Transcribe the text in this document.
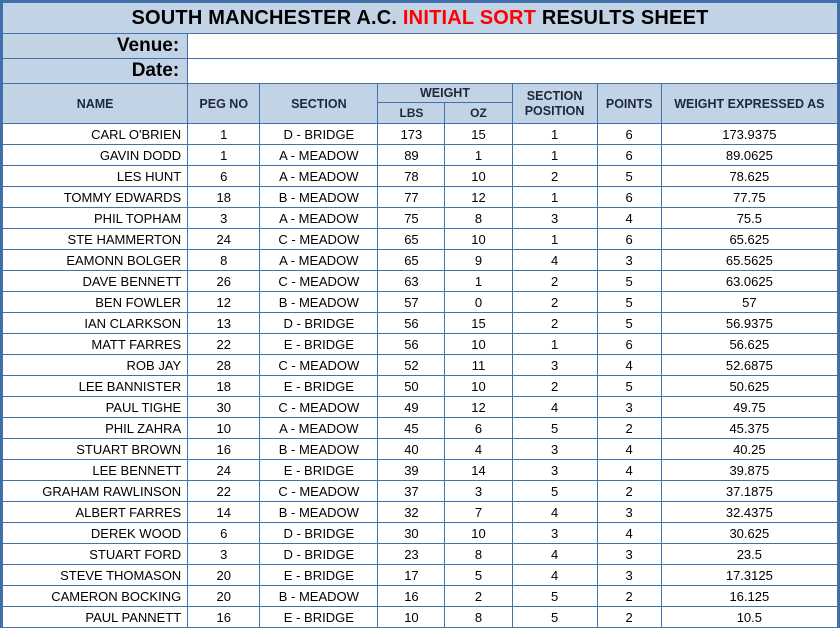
SOUTH MANCHESTER A.C. INITIAL SORT RESULTS SHEET							
Venue:							
Date:							
NAME	PEG NO	SECTION	WEIGHT		SECTION POSITION	POINTS	WEIGHT EXPRESSED AS
			LBS	OZ			
CARL O'BRIEN	1	D - BRIDGE	173	15	1	6	173.9375
GAVIN DODD	1	A - MEADOW	89	1	1	6	89.0625
LES HUNT	6	A - MEADOW	78	10	2	5	78.625
TOMMY EDWARDS	18	B - MEADOW	77	12	1	6	77.75
PHIL TOPHAM	3	A - MEADOW	75	8	3	4	75.5
STE HAMMERTON	24	C - MEADOW	65	10	1	6	65.625
EAMONN BOLGER	8	A - MEADOW	65	9	4	3	65.5625
DAVE BENNETT	26	C - MEADOW	63	1	2	5	63.0625
BEN FOWLER	12	B - MEADOW	57	0	2	5	57
IAN CLARKSON	13	D - BRIDGE	56	15	2	5	56.9375
MATT FARRES	22	E - BRIDGE	56	10	1	6	56.625
ROB JAY	28	C - MEADOW	52	11	3	4	52.6875
LEE BANNISTER	18	E - BRIDGE	50	10	2	5	50.625
PAUL TIGHE	30	C - MEADOW	49	12	4	3	49.75
PHIL ZAHRA	10	A - MEADOW	45	6	5	2	45.375
STUART BROWN	16	B - MEADOW	40	4	3	4	40.25
LEE BENNETT	24	E - BRIDGE	39	14	3	4	39.875
GRAHAM RAWLINSON	22	C - MEADOW	37	3	5	2	37.1875
ALBERT FARRES	14	B - MEADOW	32	7	4	3	32.4375
DEREK WOOD	6	D - BRIDGE	30	10	3	4	30.625
STUART FORD	3	D - BRIDGE	23	8	4	3	23.5
STEVE THOMASON	20	E - BRIDGE	17	5	4	3	17.3125
CAMERON BOCKING	20	B - MEADOW	16	2	5	2	16.125
PAUL PANNETT	16	E - BRIDGE	10	8	5	2	10.5
